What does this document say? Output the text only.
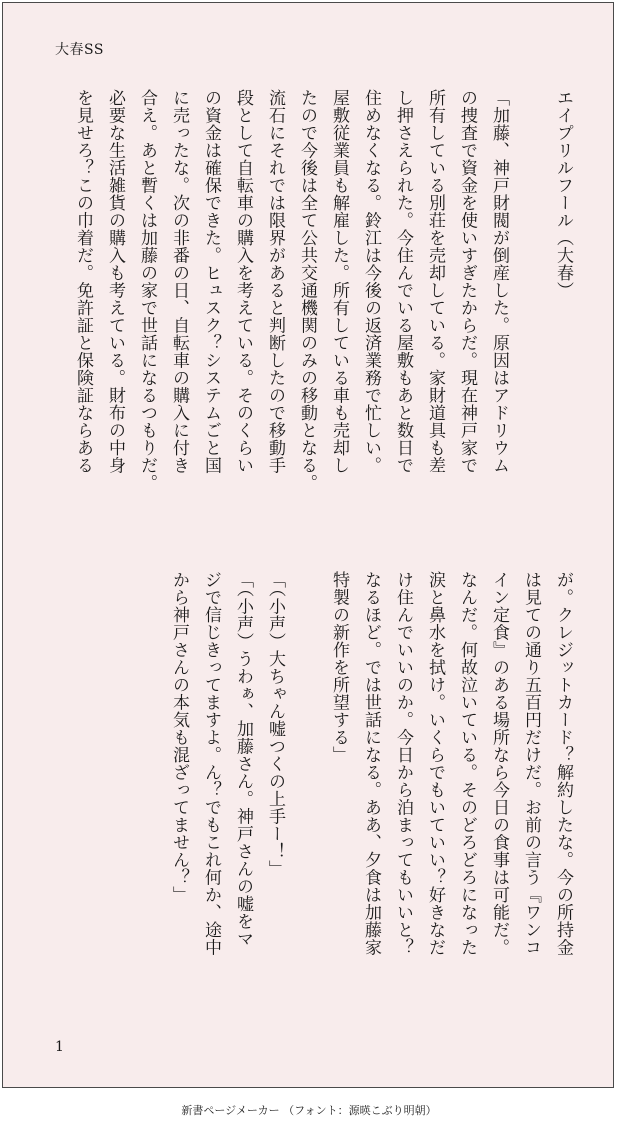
大春SS
エイプリルフール（大春）

「加藤、神戸財閥が倒産した。原因はアドリウム
の捜査で資金を使いすぎたからだ。現在神戸家で
所有している別荘を売却している。家財道具も差
し押さえられた。今住んでいる屋敷もあと数日で
住めなくなる。鈴江は今後の返済業務で忙しい。
屋敷従業員も解雇した。所有している車も売却し
たので今後は全て公共交通機関のみの移動となる。
流石にそれでは限界があると判断したので移動手
段として自転車の購入を考えている。そのくらい
の資金は確保できた。ヒュスク？システムごと国
に売ったな。次の非番の日、自転車の購入に付き
合え。あと暫くは加藤の家で世話になるつもりだ。
必要な生活雑貨の購入も考えている。財布の中身
を見せろ？この巾着だ。免許証と保険証ならある
が。クレジットカード？解約したな。今の所持金
は見ての通り五百円だけだ。お前の言う『ワンコ
イン定食』のある場所なら今日の食事は可能だ。
なんだ。何故泣いている。そのどろどろになった
涙と鼻水を拭け。いくらでもいていい？好きなだ
け住んでいいのか。今日から泊まってもいいと？
なるほど。では世話になる。ああ、夕食は加藤家
特製の新作を所望する」

「（小声）大ちゃん嘘つくの上手ー！」
「（小声）うわぁ、加藤さん。神戸さんの嘘をマ
ジで信じきってますよ。ん？でもこれ何か、途中
から神戸さんの本気も混ざってません？」
1
新書ページメーカー （フォント：源暎こぶり明朝）
